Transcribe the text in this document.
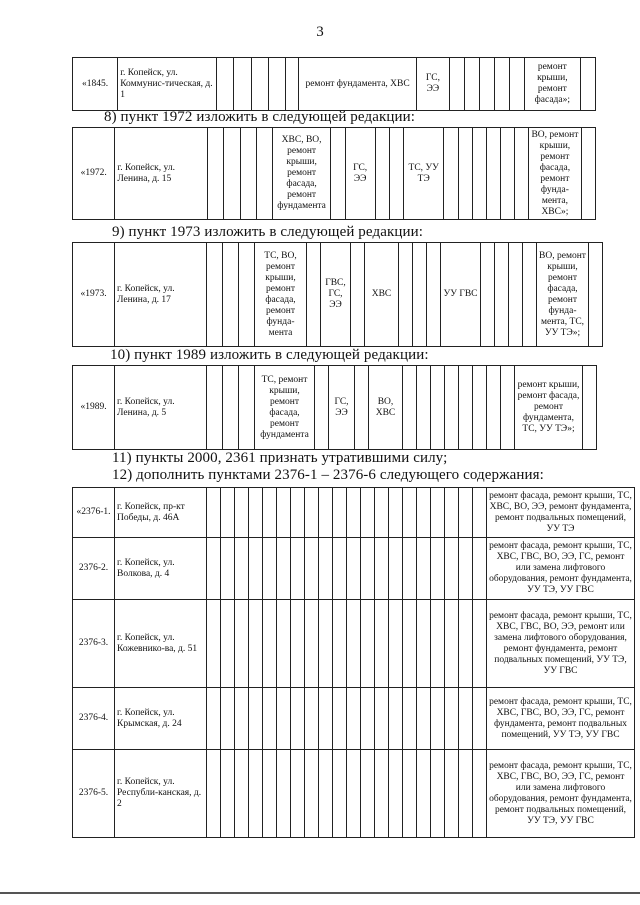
3
«1845.	г. Копейск, ул. Коммунис-тическая, д. 1						ремонт фундамента, ХВС	ГС, ЭЭ						ремонт крыши, ремонт фасада»;	
8) пункт 1972 изложить в следующей редакции:
«1972.	г. Копейск, ул. Ленина, д. 15					ХВС, ВО, ремонт крыши, ремонт фасада, ремонт фундамента		ГС, ЭЭ			ТС, УУ ТЭ							ВО, ремонт крыши, ремонт фасада, ремонт фунда-мента, ХВС»;	
9) пункт 1973 изложить в следующей редакции:
«1973.	г. Копейск, ул. Ленина, д. 17				ТС, ВО, ремонт крыши, ремонт фасада, ремонт фунда-мента		ГВС, ГС, ЭЭ		ХВС				УУ ГВС					ВО, ремонт крыши, ремонт фасада, ремонт фунда-мента, ТС, УУ ТЭ»;	
10) пункт 1989 изложить в следующей редакции:
«1989.	г. Копейск, ул. Ленина, д. 5				ТС, ремонт крыши, ремонт фасада, ремонт фундамента		ГС, ЭЭ		ВО, ХВС									ремонт крыши, ремонт фасада, ремонт фундамента, ТС, УУ ТЭ»;	
11) пункты 2000, 2361 признать утратившими силу;
12) дополнить пунктами 2376-1 – 2376-6 следующего содержания:
«2376-1.	г. Копейск, пр-кт Победы, д. 46А																					ремонт фасада, ремонт крыши, ТС, ХВС, ВО, ЭЭ, ремонт фундамента, ремонт подвальных помещений, УУ ТЭ
2376-2.	г. Копейск, ул. Волкова, д. 4																					ремонт фасада, ремонт крыши, ТС, ХВС, ГВС, ВО, ЭЭ, ГС, ремонт или замена лифтового оборудования, ремонт фундамента, УУ ТЭ, УУ ГВС
2376-3.	г. Копейск, ул. Кожевнико-ва, д. 51																					ремонт фасада, ремонт крыши, ТС, ХВС, ГВС, ВО, ЭЭ, ремонт или замена лифтового оборудования, ремонт фундамента, ремонт подвальных помещений, УУ ТЭ, УУ ГВС
2376-4.	г. Копейск, ул. Крымская, д. 24																					ремонт фасада, ремонт крыши, ТС, ХВС, ГВС, ВО, ЭЭ, ГС, ремонт фундамента, ремонт подвальных помещений, УУ ТЭ, УУ ГВС
2376-5.	г. Копейск, ул. Республи-канская, д. 2																					ремонт фасада, ремонт крыши, ТС, ХВС, ГВС, ВО, ЭЭ, ГС, ремонт или замена лифтового оборудования, ремонт фундамента, ремонт подвальных помещений, УУ ТЭ, УУ ГВС
